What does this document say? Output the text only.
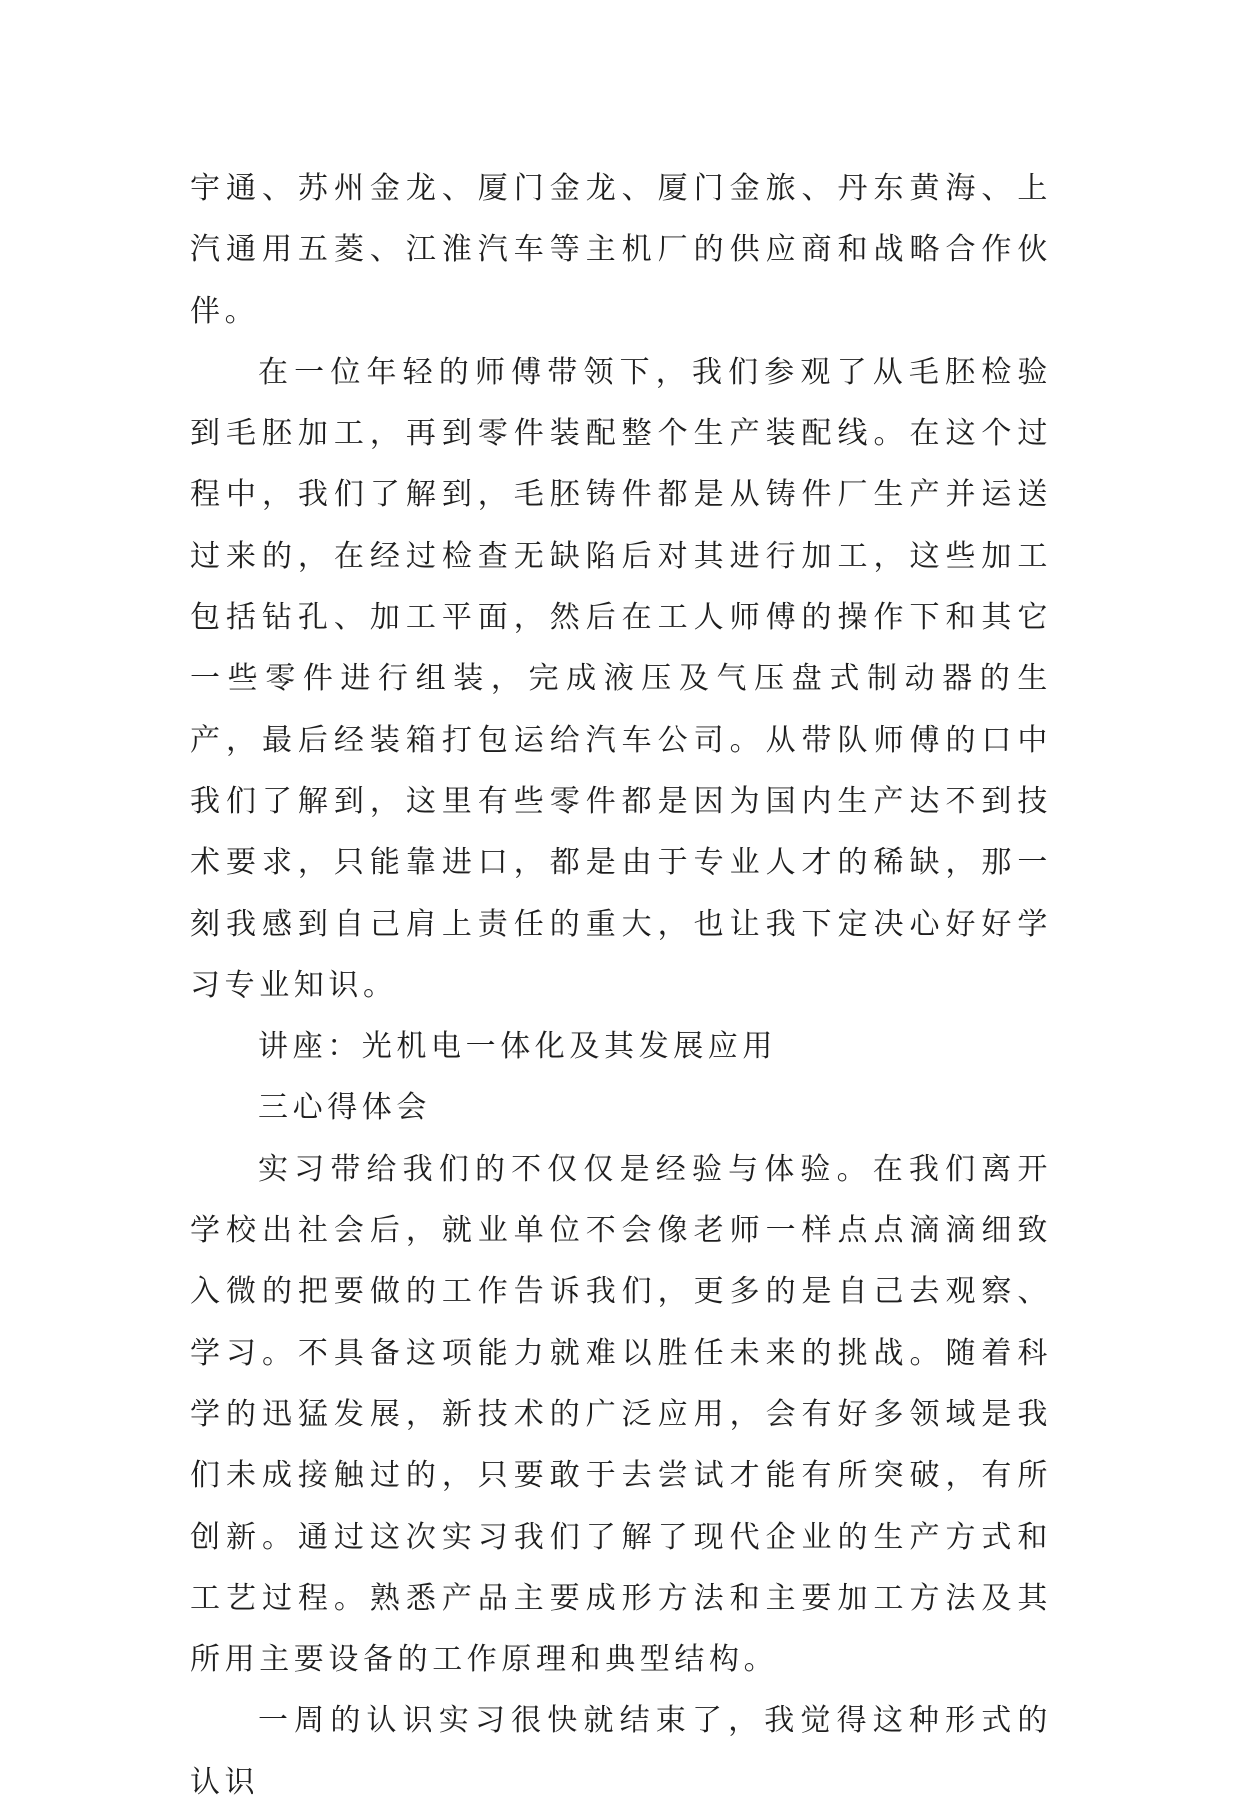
宇通、苏州金龙、厦门金龙、厦门金旅、丹东黄海、上汽通用五菱、江淮汽车等主机厂的供应商和战略合作伙伴。

在一位年轻的师傅带领下，我们参观了从毛胚检验到毛胚加工，再到零件装配整个生产装配线。在这个过程中，我们了解到，毛胚铸件都是从铸件厂生产并运送过来的，在经过检查无缺陷后对其进行加工，这些加工包括钻孔、加工平面，然后在工人师傅的操作下和其它一些零件进行组装，完成液压及气压盘式制动器的生产，最后经装箱打包运给汽车公司。从带队师傅的口中我们了解到，这里有些零件都是因为国内生产达不到技术要求，只能靠进口，都是由于专业人才的稀缺，那一刻我感到自己肩上责任的重大，也让我下定决心好好学习专业知识。

讲座：光机电一体化及其发展应用

三心得体会

实习带给我们的不仅仅是经验与体验。在我们离开学校出社会后，就业单位不会像老师一样点点滴滴细致入微的把要做的工作告诉我们，更多的是自己去观察、学习。不具备这项能力就难以胜任未来的挑战。随着科学的迅猛发展，新技术的广泛应用，会有好多领域是我们未成接触过的，只要敢于去尝试才能有所突破，有所创新。通过这次实习我们了解了现代企业的生产方式和工艺过程。熟悉产品主要成形方法和主要加工方法及其所用主要设备的工作原理和典型结构。

一周的认识实习很快就结束了，我觉得这种形式的认识
